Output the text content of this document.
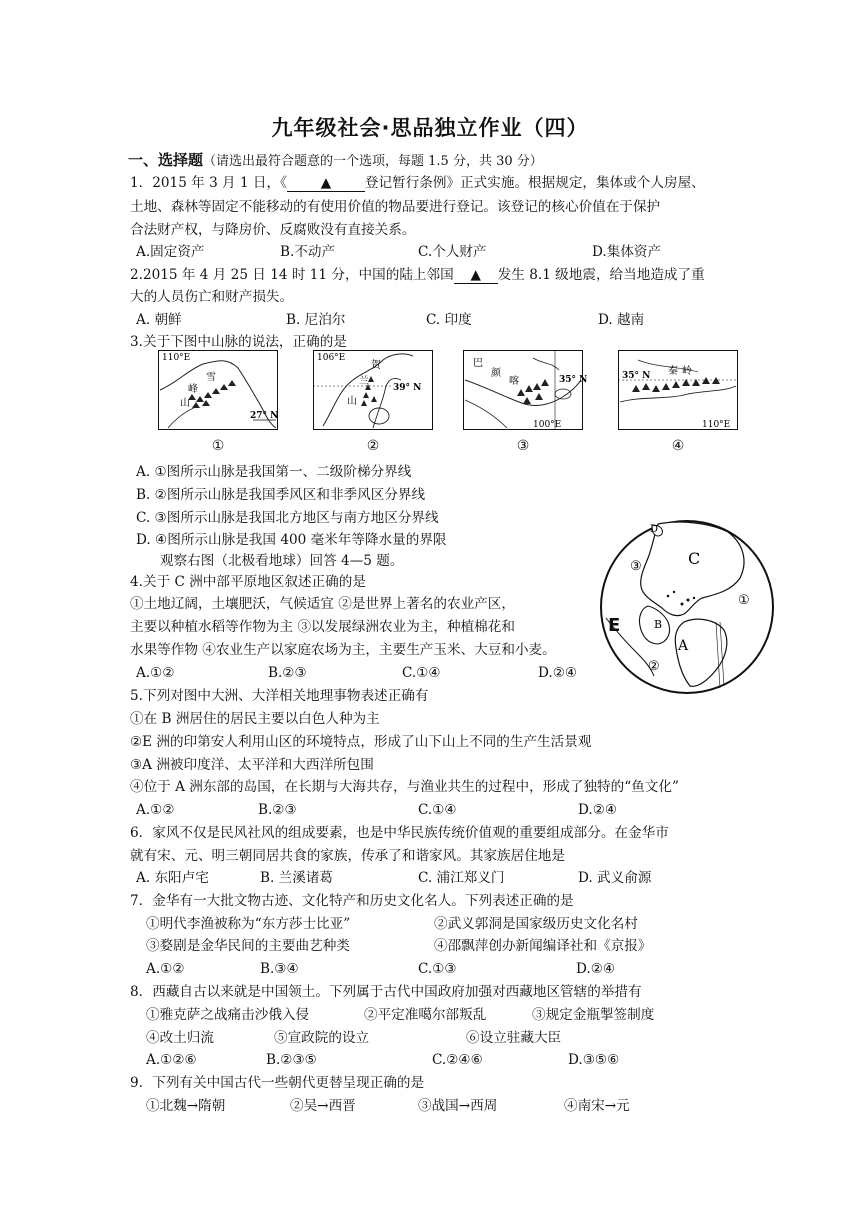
九年级社会·思品独立作业（四）
一、选择题（请选出最符合题意的一个选项，每题 1.5 分，共 30 分）
1．2015 年 3 月 1 日，《 ▲ 登记暂行条例》正式实施。根据规定，集体或个人房屋、
土地、森林等固定不能移动的有使用价值的物品要进行登记。该登记的核心价值在于保护
合法财产权，与降房价、反腐败没有直接关系。
A.固定资产	B.不动产	C.个人财产	D.集体资产
2.2015 年 4 月 25 日 14 时 11 分，中国的陆上邻国 ▲ 发生 8.1 级地震，给当地造成了重
大的人员伤亡和财产损失。
A. 朝鲜	B. 尼泊尔	C. 印度	D. 越南
3.关于下图中山脉的说法，正确的是
110°E
27° N
雪
峰
山
①
106°E
39° N
贺
兰
山
②
巴
颜
喀	35° N
100°E
③
35° N 秦 岭
110°E
④
A. ①图所示山脉是我国第一、二级阶梯分界线
B. ②图所示山脉是我国季风区和非季风区分界线
C. ③图所示山脉是我国北方地区与南方地区分界线
D. ④图所示山脉是我国 400 毫米年等降水量的界限
观察右图（北极看地球）回答 4—5 题。	C
A
B
D
①
②
③
E
4.关于 C 洲中部平原地区叙述正确的是
①土地辽阔，土壤肥沃，气候适宜 ②是世界上著名的农业产区，
主要以种植水稻等作物为主 ③以发展绿洲农业为主，种植棉花和
水果等作物 ④农业生产以家庭农场为主，主要生产玉米、大豆和小麦。
A.①②	B.②③	C.①④	D.②④
5.下列对图中大洲、大洋相关地理事物表述正确有
①在 B 洲居住的居民主要以白色人种为主
②E 洲的印第安人利用山区的环境特点，形成了山下山上不同的生产生活景观
③A 洲被印度洋、太平洋和大西洋所包围
④位于 A 洲东部的岛国，在长期与大海共存，与渔业共生的过程中，形成了独特的“鱼文化”
A.①②	B.②③	C.①④	D.②④
6．家风不仅是民风社风的组成要素，也是中华民族传统价值观的重要组成部分。在金华市
就有宋、元、明三朝同居共食的家族，传承了和谐家风。其家族居住地是
A. 东阳卢宅	B. 兰溪诸葛	C. 浦江郑义门	D. 武义俞源
7．金华有一大批文物古迹、文化特产和历史文化名人。下列表述正确的是
①明代李渔被称为“东方莎士比亚”	②武义郭洞是国家级历史文化名村
③婺剧是金华民间的主要曲艺种类	④邵飘萍创办新闻编译社和《京报》
A.①②	B.③④	C.①③	D.②④
8．西藏自古以来就是中国领土。下列属于古代中国政府加强对西藏地区管辖的举措有
①雅克萨之战痛击沙俄入侵	②平定准噶尔部叛乱	③规定金瓶掣签制度
④改土归流	⑤宣政院的设立	⑥设立驻藏大臣
A.①②⑥	B.②③⑤	C.②④⑥	D.③⑤⑥
9．下列有关中国古代一些朝代更替呈现正确的是
①北魏→隋朝	②吴→西晋	③战国→西周	④南宋→元
